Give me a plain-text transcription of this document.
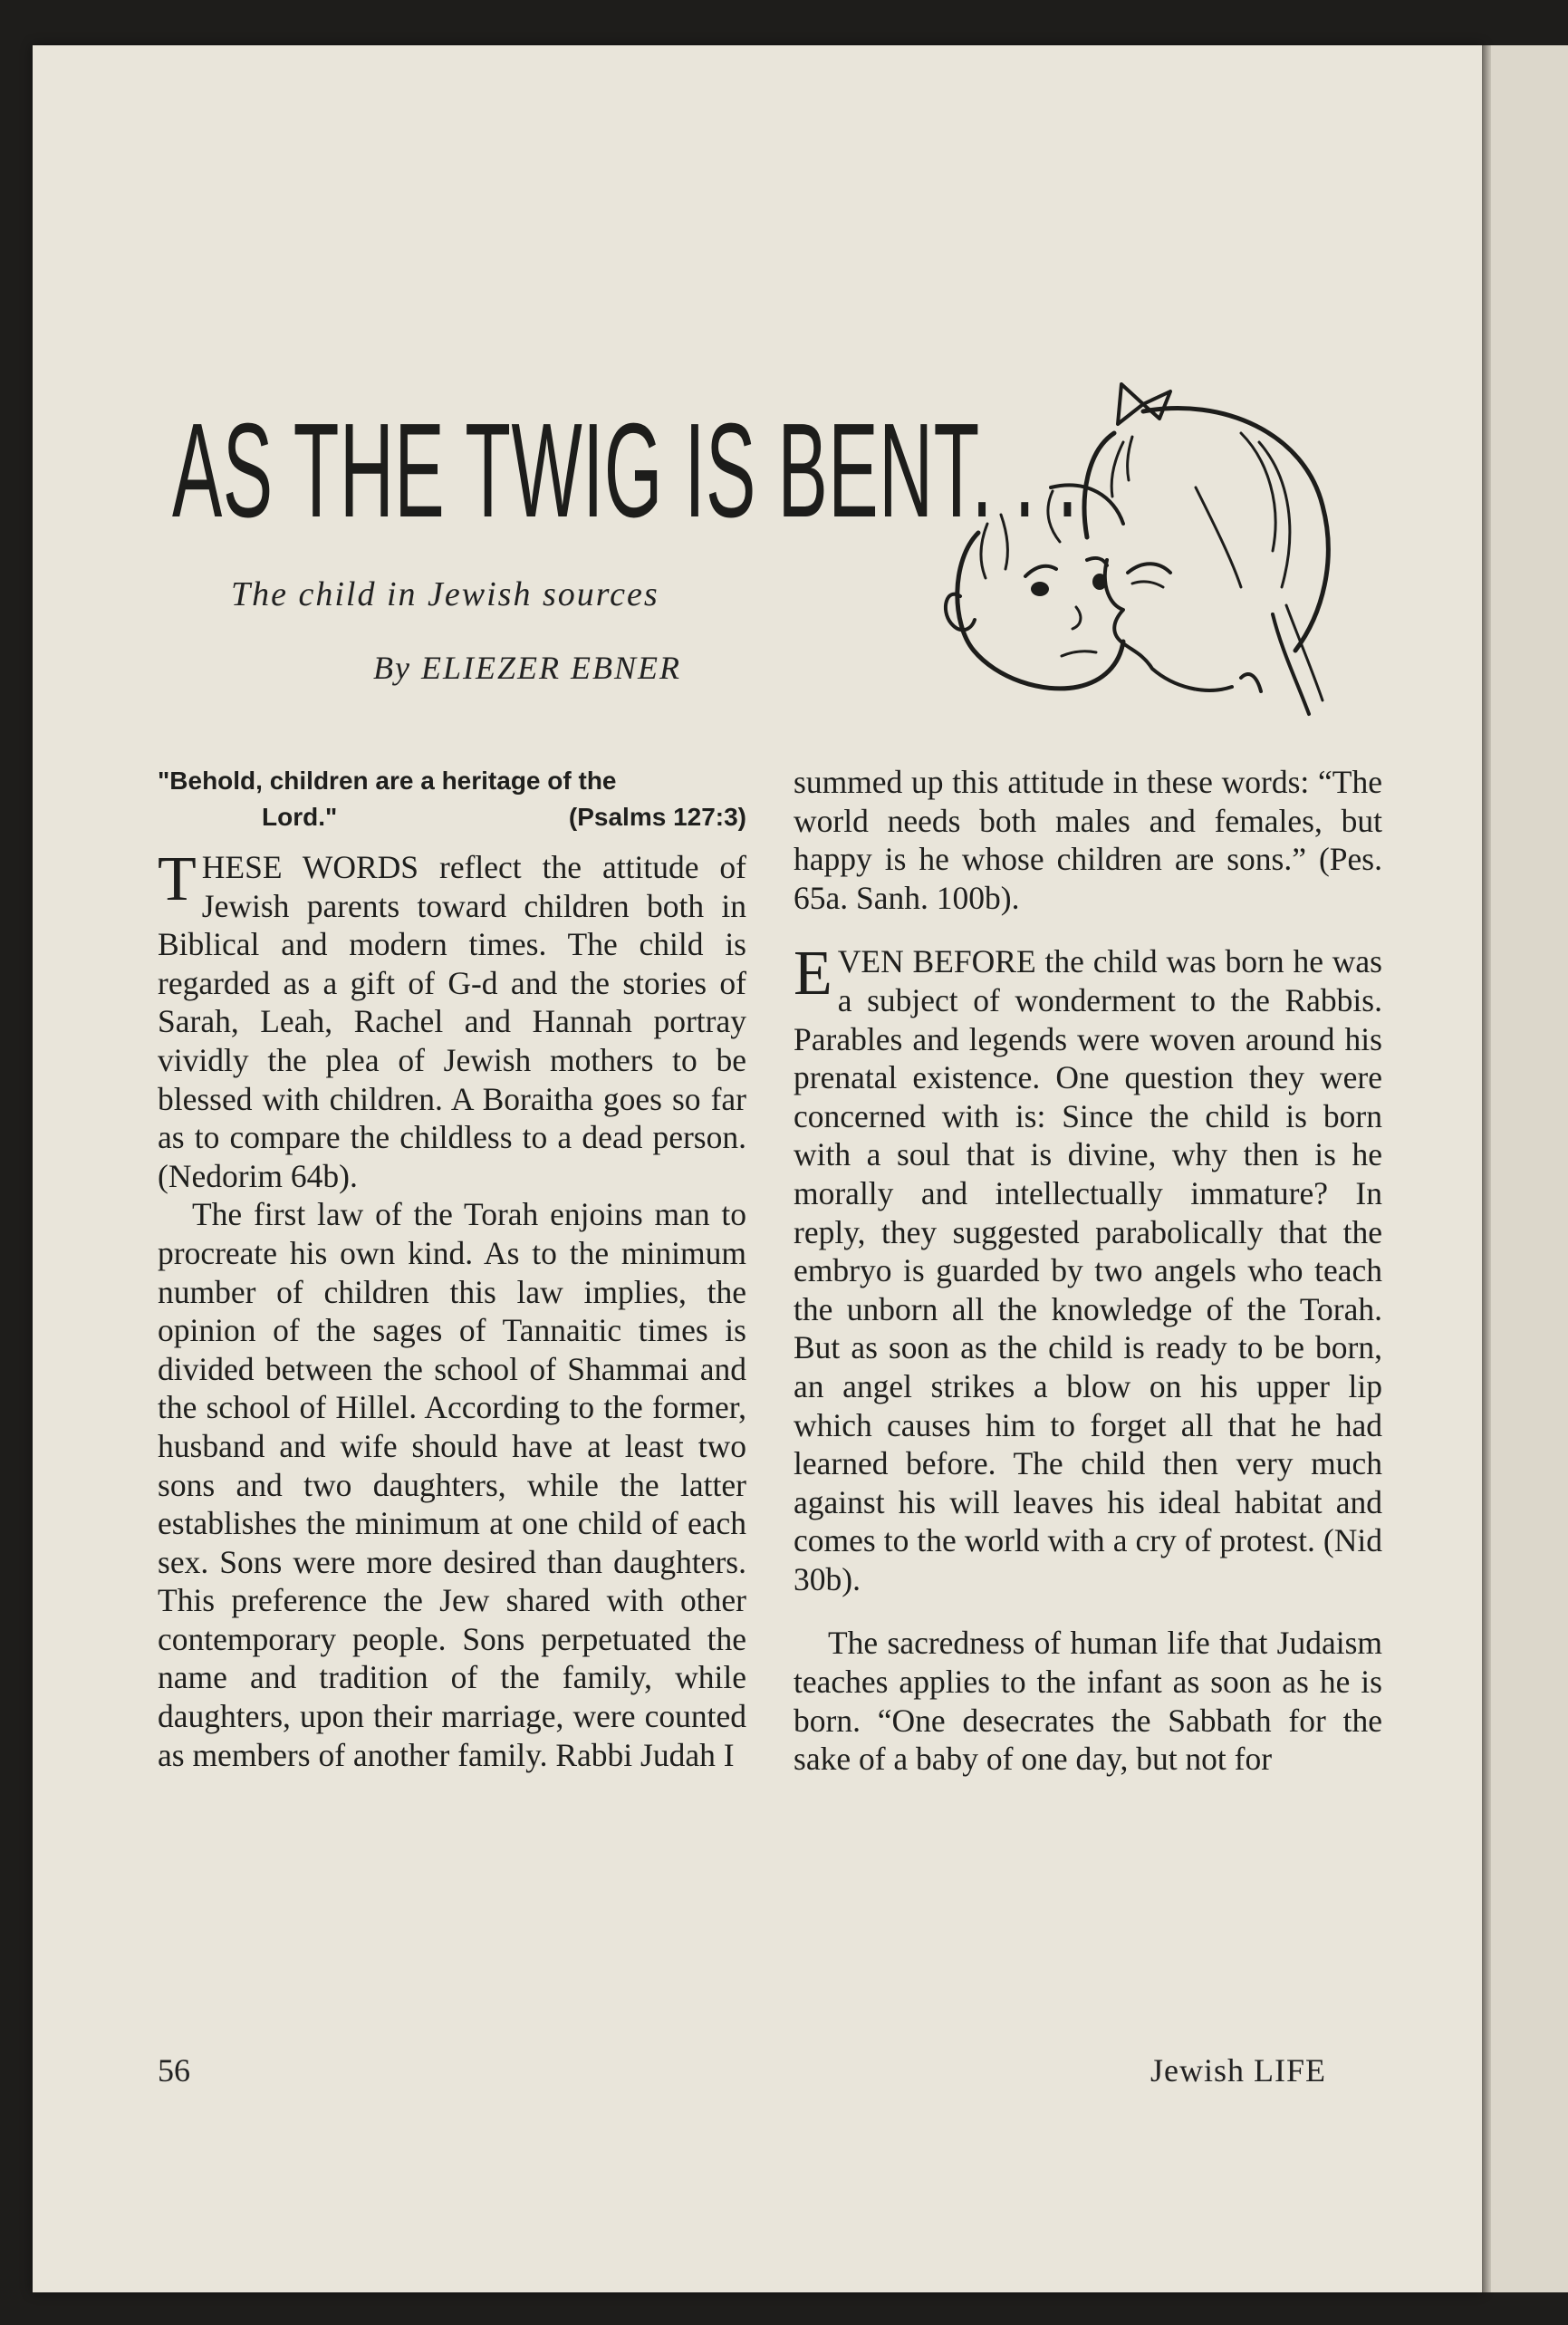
AS THE TWIG IS BENT. . .
The child in Jewish sources
By ELIEZER EBNER
"Behold, children are a heritage of the
Lord."	(Psalms 127:3)

THESE WORDS reflect the attitude of Jewish parents toward children both in Biblical and modern times. The child is regarded as a gift of G-d and the stories of Sarah, Leah, Rachel and Hannah portray vividly the plea of Jewish mothers to be blessed with children. A Boraitha goes so far as to compare the childless to a dead person. (Nedorim 64b).

The first law of the Torah enjoins man to procreate his own kind. As to the minimum number of children this law implies, the opinion of the sages of Tannaitic times is divided between the school of Shammai and the school of Hillel. According to the former, husband and wife should have at least two sons and two daughters, while the latter establishes the minimum at one child of each sex. Sons were more desired than daughters. This preference the Jew shared with other contemporary people. Sons perpetuated the name and tradition of the family, while daughters, upon their marriage, were counted as members of another family. Rabbi Judah I

summed up this attitude in these words: “The world needs both males and females, but happy is he whose children are sons.” (Pes. 65a. Sanh. 100b).

EVEN BEFORE the child was born he was a subject of wonderment to the Rabbis. Parables and legends were woven around his prenatal existence. One question they were concerned with is: Since the child is born with a soul that is divine, why then is he morally and intellectually immature? In reply, they suggested parabolically that the embryo is guarded by two angels who teach the unborn all the knowledge of the Torah. But as soon as the child is ready to be born, an angel strikes a blow on his upper lip which causes him to forget all that he had learned before. The child then very much against his will leaves his ideal habitat and comes to the world with a cry of protest. (Nid 30b).

The sacredness of human life that Judaism teaches applies to the infant as soon as he is born. “One desecrates the Sabbath for the sake of a baby of one day, but not for

56	Jewish LIFE
